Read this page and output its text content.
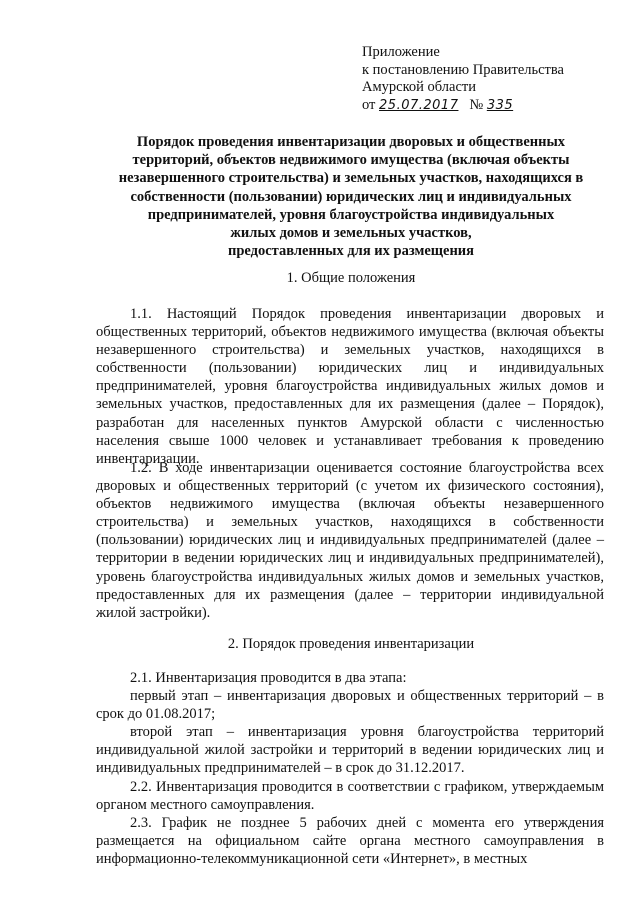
Приложение
к постановлению Правительства
Амурской области
от 25.07.2017 № 335
Порядок проведения инвентаризации дворовых и общественных
территорий, объектов недвижимого имущества (включая объекты
незавершенного строительства) и земельных участков, находящихся в
собственности (пользовании) юридических лиц и индивидуальных
предпринимателей, уровня благоустройства индивидуальных
жилых домов и земельных участков,
предоставленных для их размещения
1. Общие положения

1.1. Настоящий Порядок проведения инвентаризации дворовых и общественных территорий, объектов недвижимого имущества (включая объекты незавершенного строительства) и земельных участков, находящихся в собственности (пользовании) юридических лиц и индивидуальных предпринимателей, уровня благоустройства индивидуальных жилых домов и земельных участков, предоставленных для их размещения (далее – Порядок), разработан для населенных пунктов Амурской области с численностью населения свыше 1000 человек и устанавливает требования к проведению инвентаризации.

1.2. В ходе инвентаризации оценивается состояние благоустройства всех дворовых и общественных территорий (с учетом их физического состояния), объектов недвижимого имущества (включая объекты незавершенного строительства) и земельных участков, находящихся в собственности (пользовании) юридических лиц и индивидуальных предпринимателей (далее – территории в ведении юридических лиц и индивидуальных предпринимателей), уровень благоустройства индивидуальных жилых домов и земельных участков, предоставленных для их размещения (далее – территории индивидуальной жилой застройки).

2. Порядок проведения инвентаризации

2.1. Инвентаризация проводится в два этапа:

первый этап – инвентаризация дворовых и общественных территорий – в срок до 01.08.2017;

второй этап – инвентаризация уровня благоустройства территорий индивидуальной жилой застройки и территорий в ведении юридических лиц и индивидуальных предпринимателей – в срок до 31.12.2017.

2.2. Инвентаризация проводится в соответствии с графиком, утверждаемым органом местного самоуправления.

2.3. График не позднее 5 рабочих дней с момента его утверждения размещается на официальном сайте органа местного самоуправления в информационно-телекоммуникационной сети «Интернет», в местных
